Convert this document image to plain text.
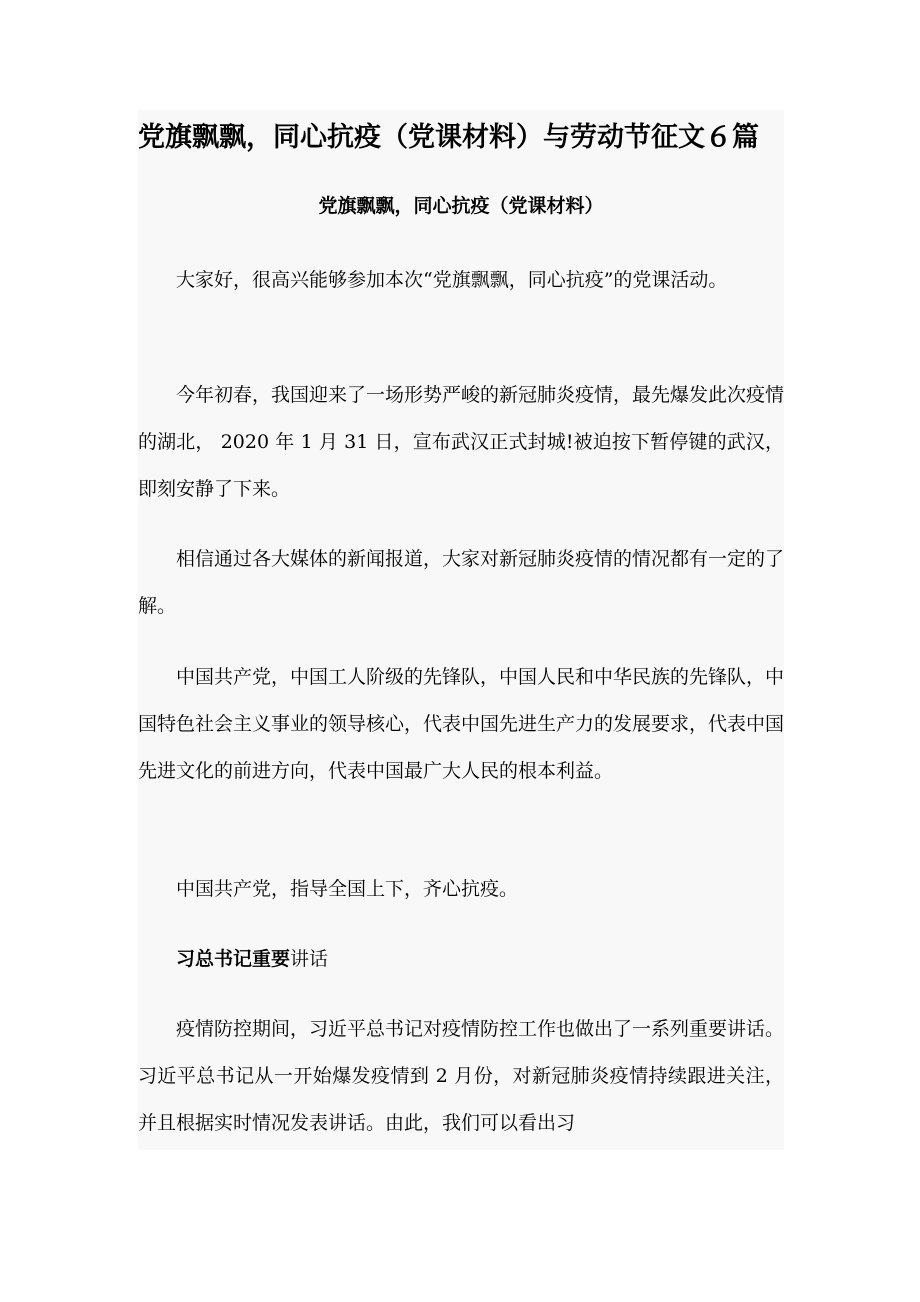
党旗飘飘，同心抗疫（党课材料）与劳动节征文６篇
党旗飘飘，同心抗疫（党课材料）

大家好，很高兴能够参加本次“党旗飘飘，同心抗疫”的党课活动。

今年初春，我国迎来了一场形势严峻的新冠肺炎疫情，最先爆发此次疫情的湖北， 2020 年 1 月 31 日，宣布武汉正式封城!被迫按下暂停键的武汉，即刻安静了下来。

相信通过各大媒体的新闻报道，大家对新冠肺炎疫情的情况都有一定的了解。

中国共产党，中国工人阶级的先锋队，中国人民和中华民族的先锋队，中国特色社会主义事业的领导核心，代表中国先进生产力的发展要求，代表中国先进文化的前进方向，代表中国最广大人民的根本利益。

中国共产党，指导全国上下，齐心抗疫。

习总书记重要讲话

疫情防控期间，习近平总书记对疫情防控工作也做出了一系列重要讲话。习近平总书记从一开始爆发疫情到 2 月份，对新冠肺炎疫情持续跟进关注，并且根据实时情况发表讲话。由此，我们可以看出习
